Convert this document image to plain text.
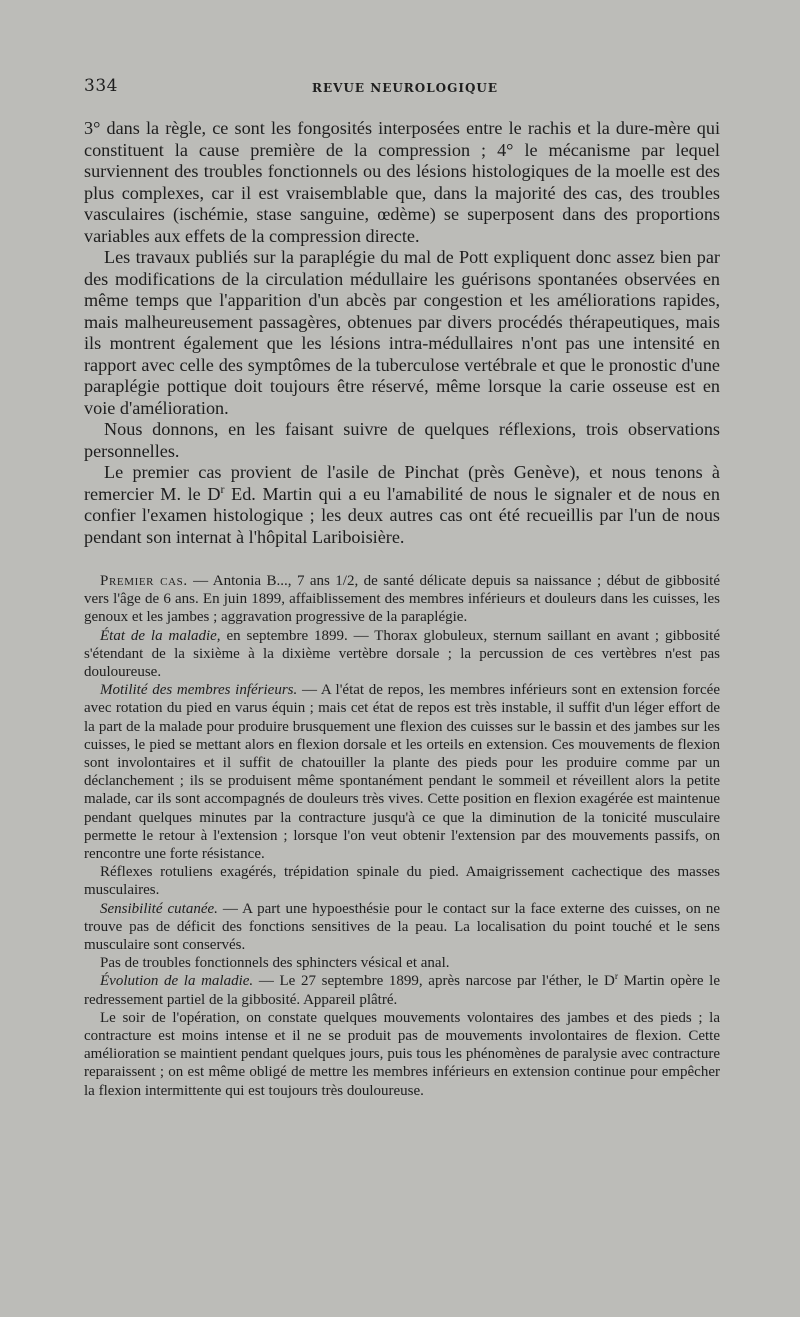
334	REVUE NEUROLOGIQUE

3° dans la règle, ce sont les fongosités interposées entre le rachis et la dure-mère qui constituent la cause première de la compression ; 4° le mécanisme par lequel surviennent des troubles fonctionnels ou des lésions histologiques de la moelle est des plus complexes, car il est vraisemblable que, dans la majorité des cas, des troubles vasculaires (ischémie, stase sanguine, œdème) se superposent dans des proportions variables aux effets de la compression directe.

Les travaux publiés sur la paraplégie du mal de Pott expliquent donc assez bien par des modifications de la circulation médullaire les guérisons spontanées observées en même temps que l'apparition d'un abcès par congestion et les améliorations rapides, mais malheureusement passagères, obtenues par divers procédés thérapeutiques, mais ils montrent également que les lésions intra-médullaires n'ont pas une intensité en rapport avec celle des symptômes de la tuberculose vertébrale et que le pronostic d'une paraplégie pottique doit toujours être réservé, même lorsque la carie osseuse est en voie d'amélioration.

Nous donnons, en les faisant suivre de quelques réflexions, trois observations personnelles.

Le premier cas provient de l'asile de Pinchat (près Genève), et nous tenons à remercier M. le $D^r$ Ed. Martin qui a eu l'amabilité de nous le signaler et de nous en confier l'examen histologique ; les deux autres cas ont été recueillis par l'un de nous pendant son internat à l'hôpital Lariboisière.

Premier cas. — Antonia B..., 7 ans 1/2, de santé délicate depuis sa naissance ; début de gibbosité vers l'âge de 6 ans. En juin 1899, affaiblissement des membres inférieurs et douleurs dans les cuisses, les genoux et les jambes ; aggravation progressive de la paraplégie.

État de la maladie, en septembre 1899. — Thorax globuleux, sternum saillant en avant ; gibbosité s'étendant de la sixième à la dixième vertèbre dorsale ; la percussion de ces vertèbres n'est pas douloureuse.

Motilité des membres inférieurs. — A l'état de repos, les membres inférieurs sont en extension forcée avec rotation du pied en varus équin ; mais cet état de repos est très instable, il suffit d'un léger effort de la part de la malade pour produire brusquement une flexion des cuisses sur le bassin et des jambes sur les cuisses, le pied se mettant alors en flexion dorsale et les orteils en extension. Ces mouvements de flexion sont involontaires et il suffit de chatouiller la plante des pieds pour les produire comme par un déclanchement ; ils se produisent même spontanément pendant le sommeil et réveillent alors la petite malade, car ils sont accompagnés de douleurs très vives. Cette position en flexion exagérée est maintenue pendant quelques minutes par la contracture jusqu'à ce que la diminution de la tonicité musculaire permette le retour à l'extension ; lorsque l'on veut obtenir l'extension par des mouvements passifs, on rencontre une forte résistance.

Réflexes rotuliens exagérés, trépidation spinale du pied. Amaigrissement cachectique des masses musculaires.

Sensibilité cutanée. — A part une hypoesthésie pour le contact sur la face externe des cuisses, on ne trouve pas de déficit des fonctions sensitives de la peau. La localisation du point touché et le sens musculaire sont conservés.

Pas de troubles fonctionnels des sphincters vésical et anal.

Évolution de la maladie. — Le 27 septembre 1899, après narcose par l'éther, le $D^r$ Martin opère le redressement partiel de la gibbosité. Appareil plâtré.

Le soir de l'opération, on constate quelques mouvements volontaires des jambes et des pieds ; la contracture est moins intense et il ne se produit pas de mouvements involontaires de flexion. Cette amélioration se maintient pendant quelques jours, puis tous les phénomènes de paralysie avec contracture reparaissent ; on est même obligé de mettre les membres inférieurs en extension continue pour empêcher la flexion intermittente qui est toujours très douloureuse.
